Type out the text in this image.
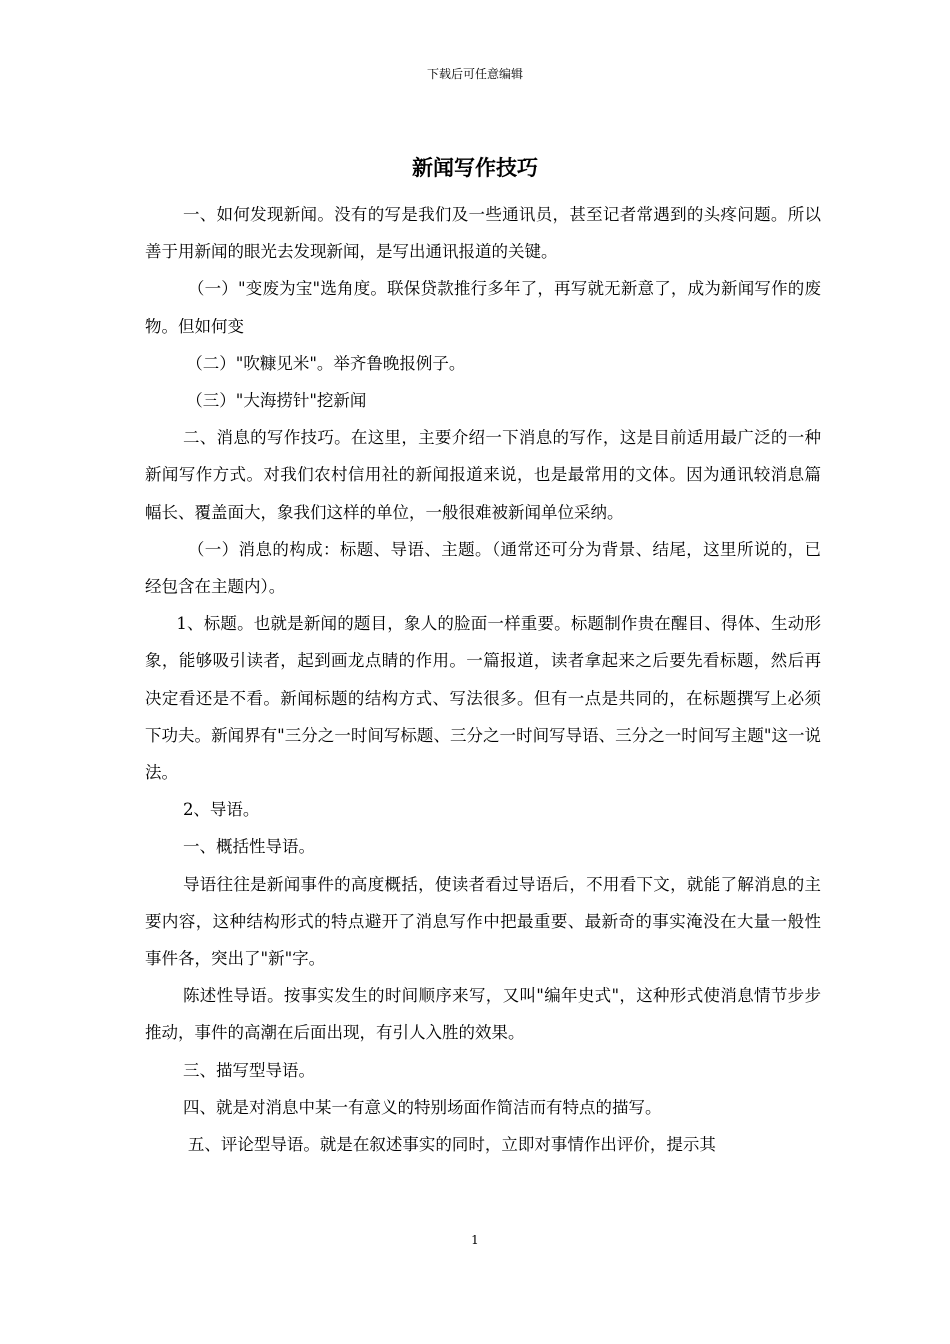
下载后可任意编辑
新闻写作技巧

一、如何发现新闻。没有的写是我们及一些通讯员，甚至记者常遇到的头疼问题。所以善于用新闻的眼光去发现新闻，是写出通讯报道的关键。

（一）"变废为宝"选角度。联保贷款推行多年了，再写就无新意了，成为新闻写作的废物。但如何变

（二）"吹糠见米"。举齐鲁晚报例子。

（三）"大海捞针"挖新闻

二、消息的写作技巧。在这里，主要介绍一下消息的写作，这是目前适用最广泛的一种新闻写作方式。对我们农村信用社的新闻报道来说，也是最常用的文体。因为通讯较消息篇幅长、覆盖面大，象我们这样的单位，一般很难被新闻单位采纳。

（一）消息的构成：标题、导语、主题。（通常还可分为背景、结尾，这里所说的，已经包含在主题内）。

1、标题。也就是新闻的题目，象人的脸面一样重要。标题制作贵在醒目、得体、生动形象，能够吸引读者，起到画龙点睛的作用。一篇报道，读者拿起来之后要先看标题，然后再决定看还是不看。新闻标题的结构方式、写法很多。但有一点是共同的，在标题撰写上必须下功夫。新闻界有"三分之一时间写标题、三分之一时间写导语、三分之一时间写主题"这一说法。

2、导语。

一、概括性导语。

导语往往是新闻事件的高度概括，使读者看过导语后，不用看下文，就能了解消息的主要内容，这种结构形式的特点避开了消息写作中把最重要、最新奇的事实淹没在大量一般性事件各，突出了"新"字。

陈述性导语。按事实发生的时间顺序来写，又叫"编年史式"，这种形式使消息情节步步推动，事件的高潮在后面出现，有引人入胜的效果。

三、描写型导语。

四、就是对消息中某一有意义的特别场面作简洁而有特点的描写。

五、评论型导语。就是在叙述事实的同时，立即对事情作出评价，提示其

1
